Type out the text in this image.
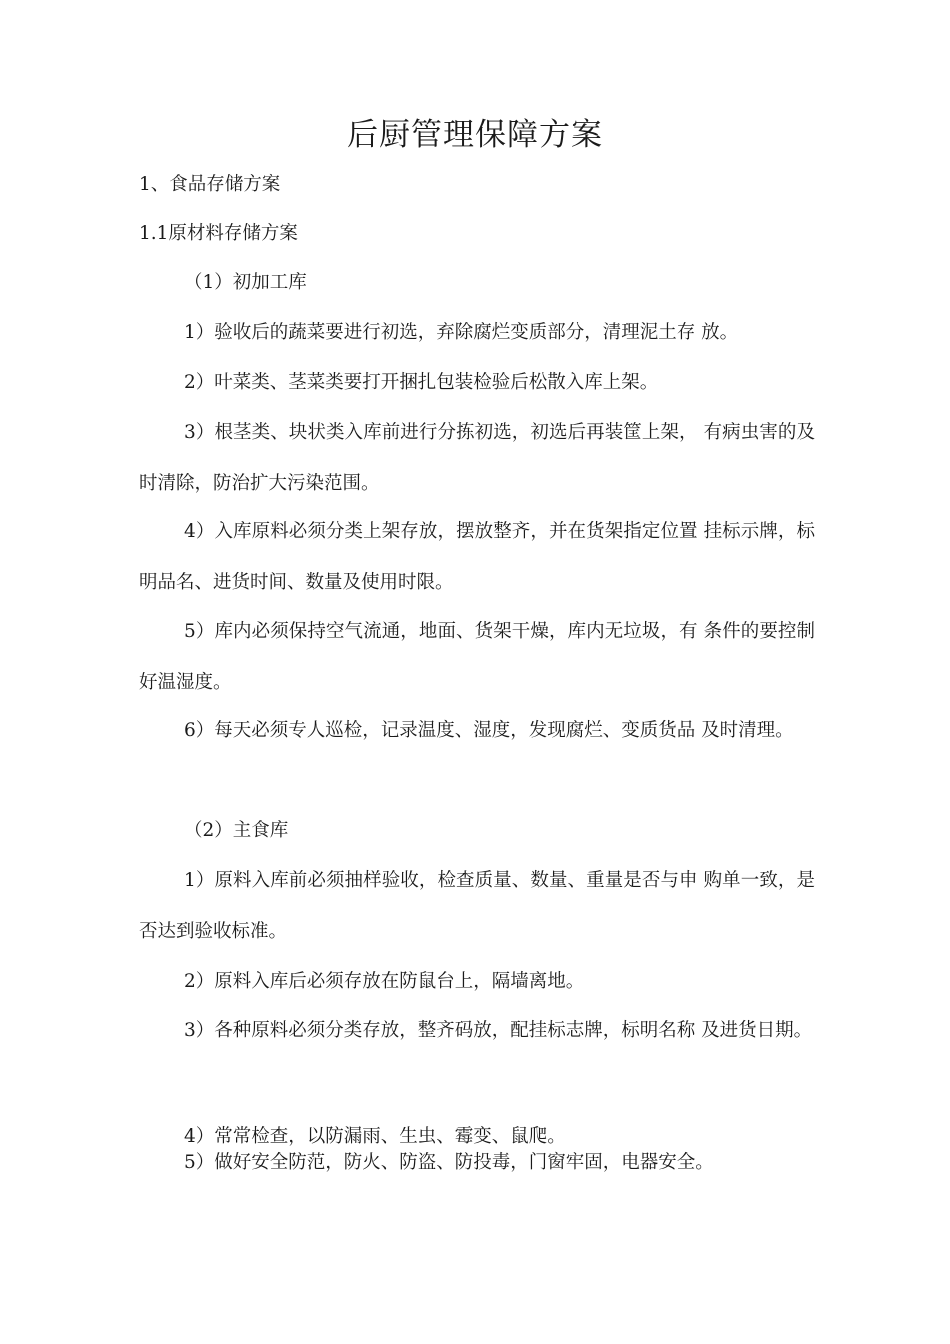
后厨管理保障方案
1、食品存储方案
1.1原材料存储方案
（1）初加工库
1）验收后的蔬菜要进行初选，弃除腐烂变质部分，清理泥土存 放。
2）叶菜类、茎菜类要打开捆扎包装检验后松散入库上架。
3）根茎类、块状类入库前进行分拣初选，初选后再装筐上架， 有病虫害的及时清除，防治扩大污染范围。
4）入库原料必须分类上架存放，摆放整齐，并在货架指定位置 挂标示牌，标明品名、进货时间、数量及使用时限。
5）库内必须保持空气流通，地面、货架干燥，库内无垃圾，有 条件的要控制好温湿度。
6）每天必须专人巡检，记录温度、湿度，发现腐烂、变质货品 及时清理。
（2）主食库
1）原料入库前必须抽样验收，检查质量、数量、重量是否与申 购单一致，是否达到验收标准。
2）原料入库后必须存放在防鼠台上，隔墙离地。
3）各种原料必须分类存放，整齐码放，配挂标志牌，标明名称 及进货日期。
4）常常检查，以防漏雨、生虫、霉变、鼠爬。
5）做好安全防范，防火、防盗、防投毒，门窗牢固，电器安全。
